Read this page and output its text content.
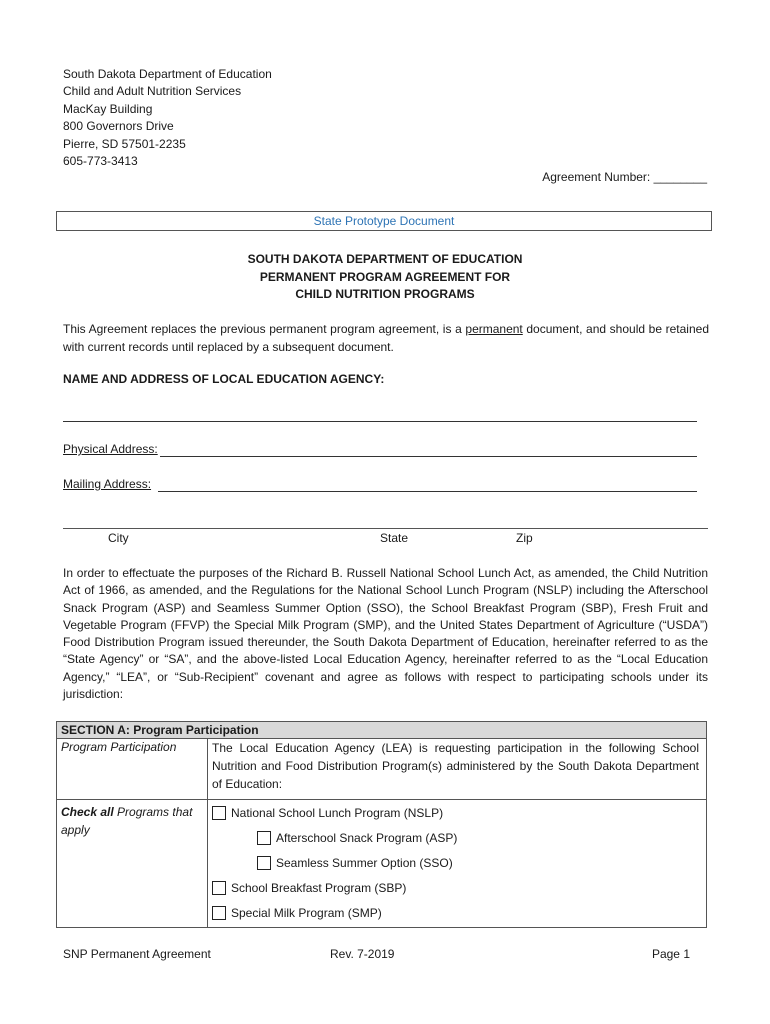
South Dakota Department of Education
Child and Adult Nutrition Services
MacKay Building
800 Governors Drive
Pierre, SD 57501-2235
605-773-3413
Agreement Number: ________
State Prototype Document
SOUTH DAKOTA DEPARTMENT OF EDUCATION
PERMANENT PROGRAM AGREEMENT FOR
CHILD NUTRITION PROGRAMS
This Agreement replaces the previous permanent program agreement, is a permanent document, and should be retained with current records until replaced by a subsequent document.
NAME AND ADDRESS OF LOCAL EDUCATION AGENCY:
Physical Address:
Mailing Address:
City	State	Zip
In order to effectuate the purposes of the Richard B. Russell National School Lunch Act, as amended, the Child Nutrition Act of 1966, as amended, and the Regulations for the National School Lunch Program (NSLP) including the Afterschool Snack Program (ASP) and Seamless Summer Option (SSO), the School Breakfast Program (SBP), Fresh Fruit and Vegetable Program (FFVP) the Special Milk Program (SMP), and the United States Department of Agriculture (“USDA”) Food Distribution Program issued thereunder, the South Dakota Department of Education, hereinafter referred to as the “State Agency” or “SA”, and the above-listed Local Education Agency, hereinafter referred to as the “Local Education Agency,” “LEA”, or “Sub-Recipient” covenant and agree as follows with respect to participating schools under its jurisdiction:
SECTION A: Program Participation	
Program Participation	The Local Education Agency (LEA) is requesting participation in the following School Nutrition and Food Distribution Program(s) administered by the South Dakota Department of Education:
Check all Programs that apply	National School Lunch Program (NSLP)
Afterschool Snack Program (ASP)
Seamless Summer Option (SSO)
School Breakfast Program (SBP)
Special Milk Program (SMP)
SNP Permanent Agreement	Rev. 7-2019	Page 1
